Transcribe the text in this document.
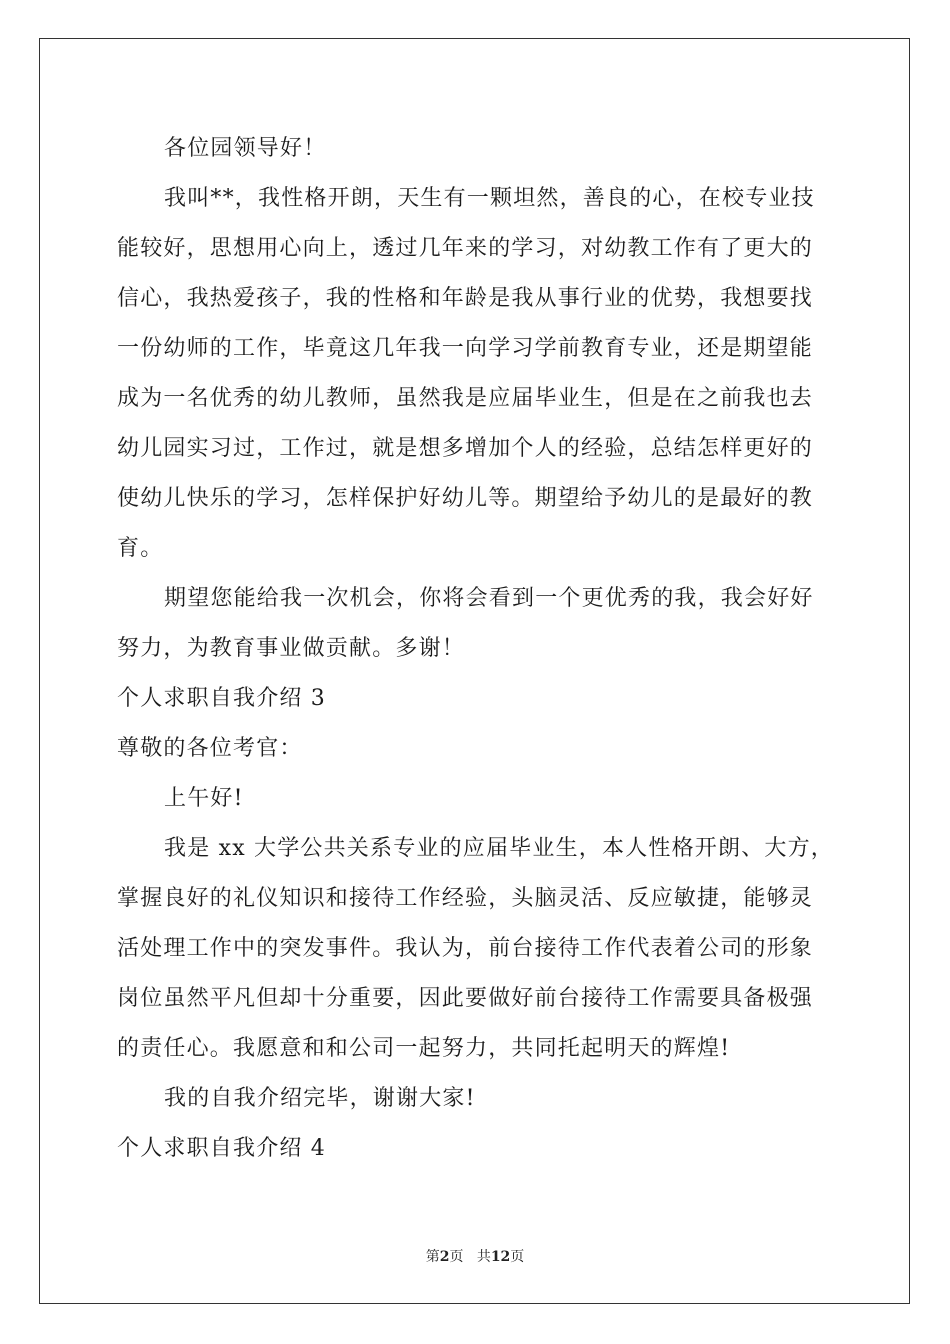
各位园领导好！
我叫**，我性格开朗，天生有一颗坦然，善良的心，在校专业技
能较好，思想用心向上，透过几年来的学习，对幼教工作有了更大的
信心，我热爱孩子，我的性格和年龄是我从事行业的优势，我想要找
一份幼师的工作，毕竟这几年我一向学习学前教育专业，还是期望能
成为一名优秀的幼儿教师，虽然我是应届毕业生，但是在之前我也去
幼儿园实习过，工作过，就是想多增加个人的经验，总结怎样更好的
使幼儿快乐的学习，怎样保护好幼儿等。期望给予幼儿的是最好的教
育。
期望您能给我一次机会，你将会看到一个更优秀的我，我会好好
努力，为教育事业做贡献。多谢！
个人求职自我介绍 3
尊敬的各位考官：
上午好!
我是 xx 大学公共关系专业的应届毕业生，本人性格开朗、大方，
掌握良好的礼仪知识和接待工作经验，头脑灵活、反应敏捷，能够灵
活处理工作中的突发事件。我认为，前台接待工作代表着公司的形象
岗位虽然平凡但却十分重要，因此要做好前台接待工作需要具备极强
的责任心。我愿意和和公司一起努力，共同托起明天的辉煌!
我的自我介绍完毕，谢谢大家!
个人求职自我介绍 4
第2页 共12页
